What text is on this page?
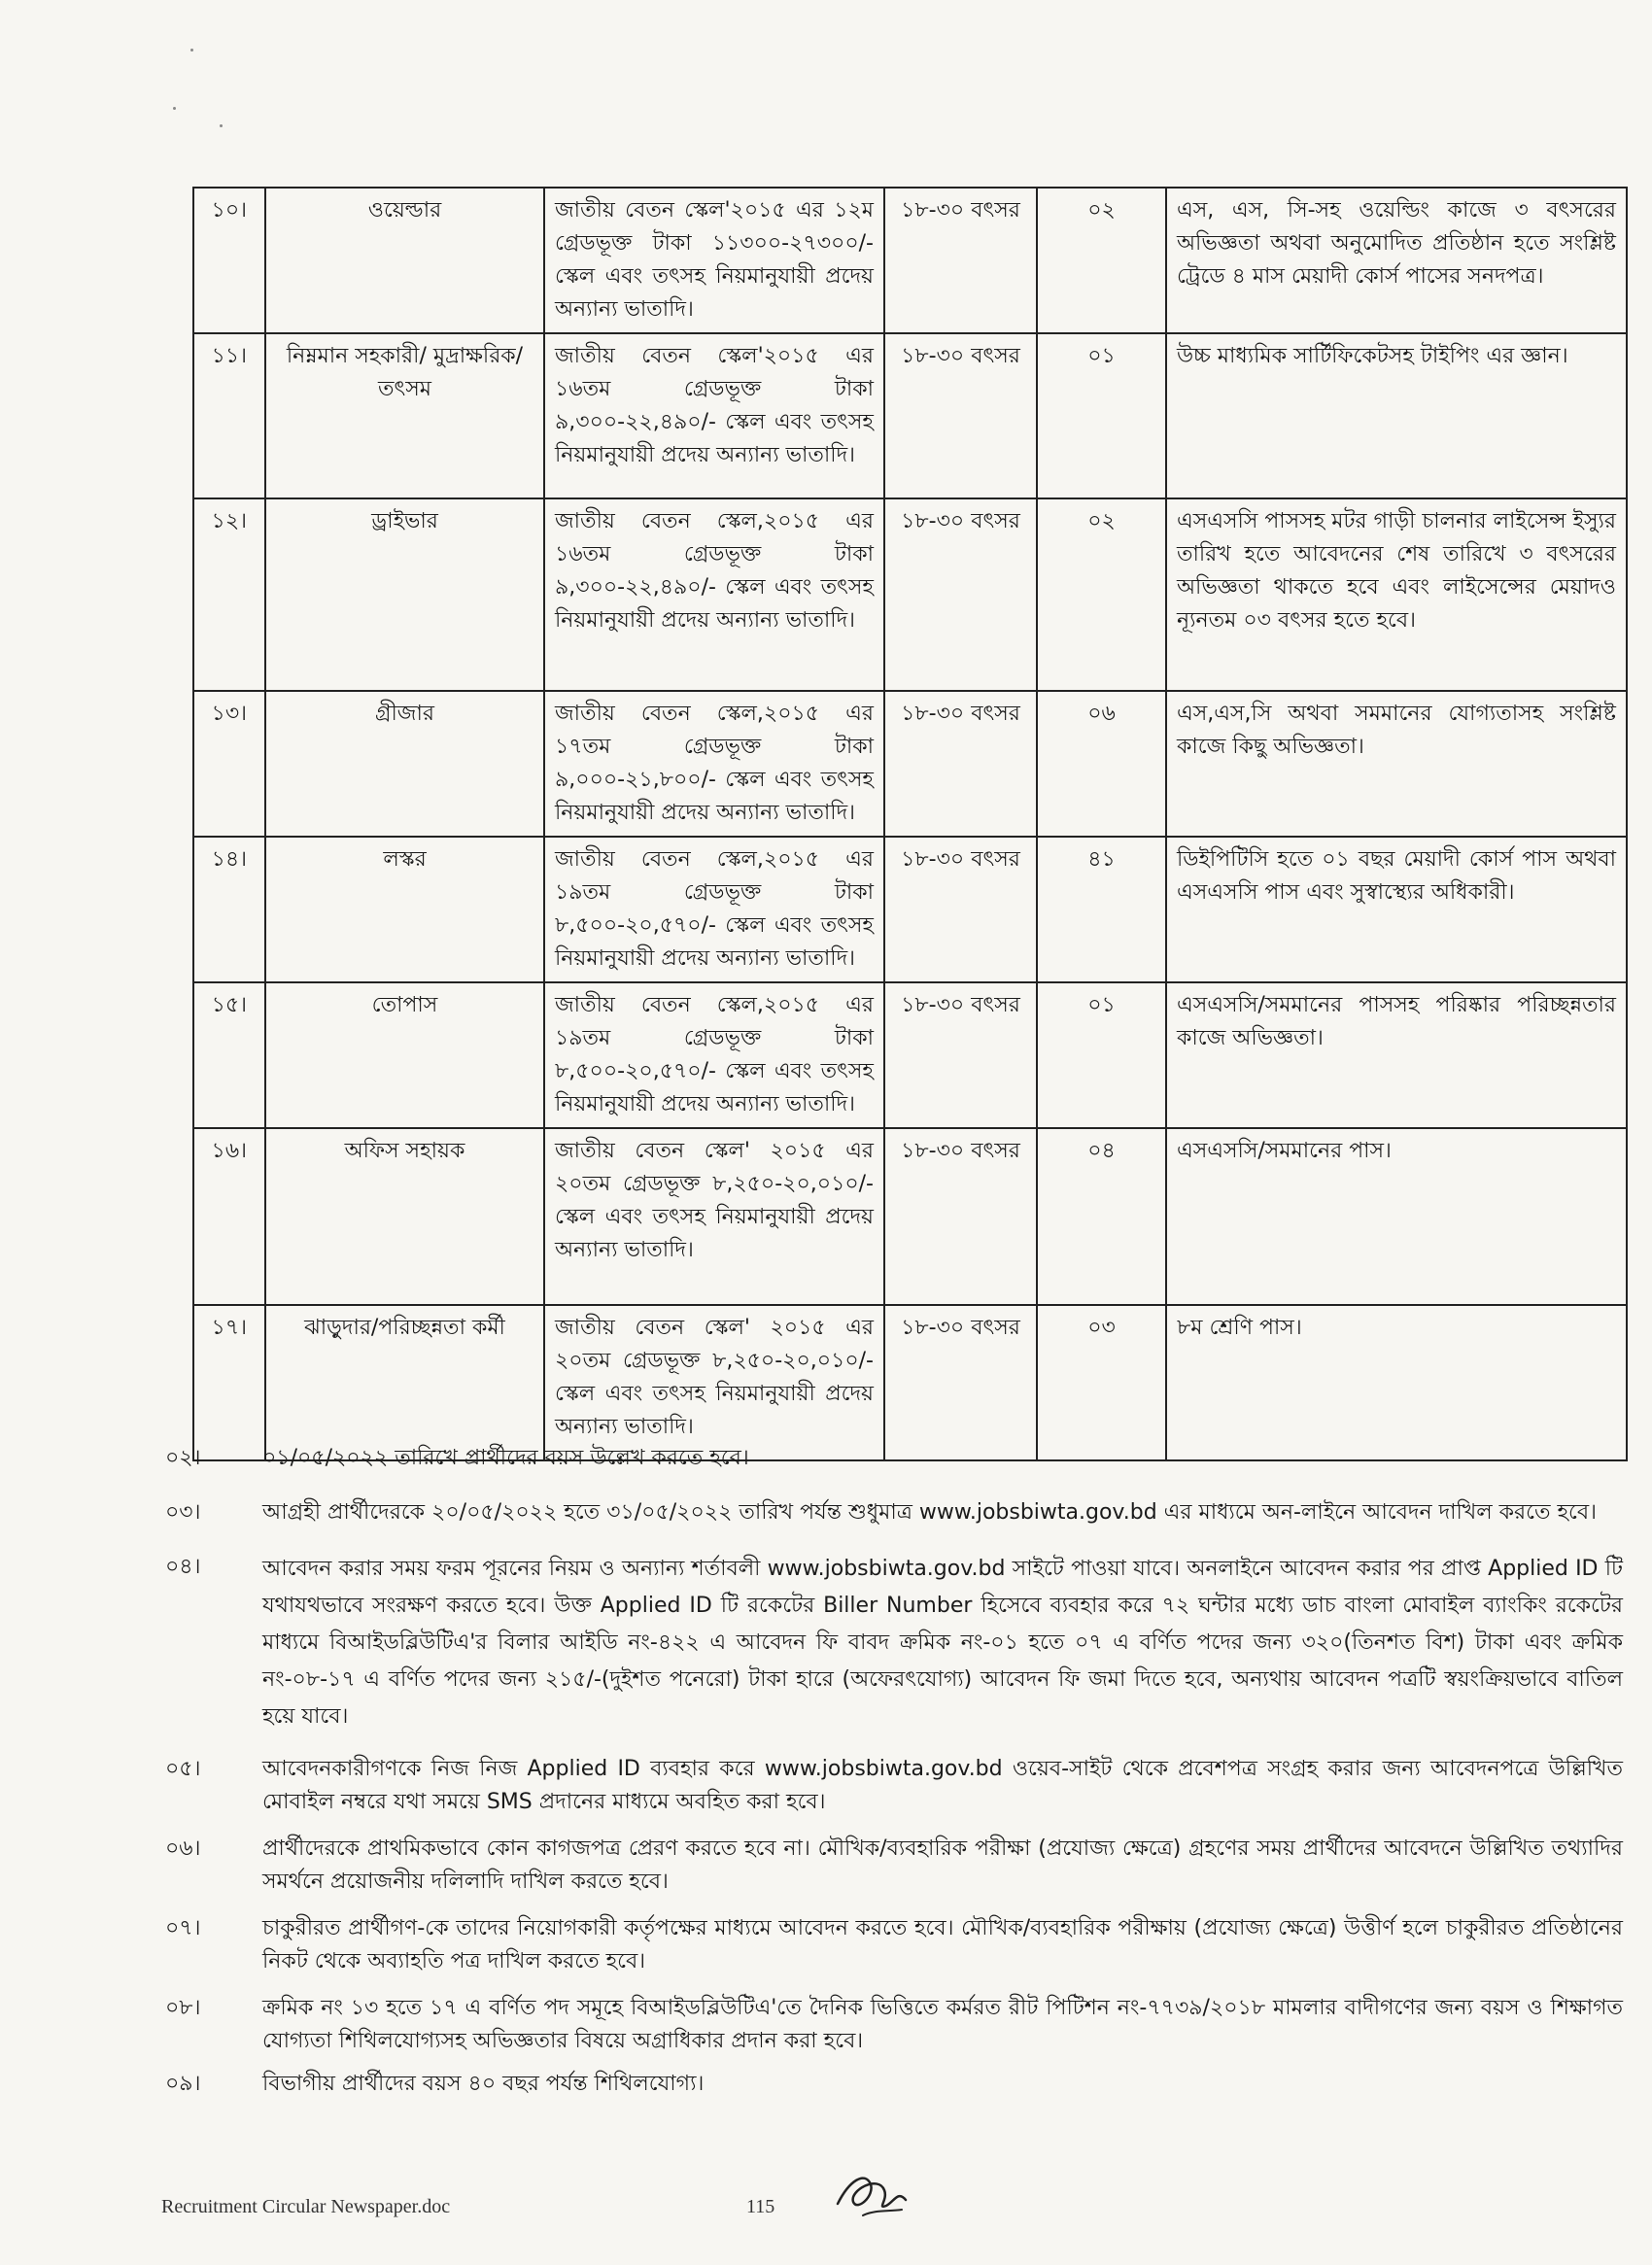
১০।	ওয়েল্ডার	জাতীয় বেতন স্কেল'২০১৫ এর ১২ম গ্রেডভূক্ত টাকা ১১৩০০-২৭৩০০/- স্কেল এবং তৎসহ নিয়মানুযায়ী প্রদেয় অন্যান্য ভাতাদি।	১৮-৩০ বৎসর	০২	এস, এস, সি-সহ ওয়েল্ডিং কাজে ৩ বৎসরের অভিজ্ঞতা অথবা অনুমোদিত প্রতিষ্ঠান হতে সংশ্লিষ্ট ট্রেডে ৪ মাস মেয়াদী কোর্স পাসের সনদপত্র।
১১।	নিম্নমান সহকারী/ মুদ্রাক্ষরিক/তৎসম	জাতীয় বেতন স্কেল'২০১৫ এর ১৬তম গ্রেডভূক্ত টাকা ৯,৩০০-২২,৪৯০/- স্কেল এবং তৎসহ নিয়মানুযায়ী প্রদেয় অন্যান্য ভাতাদি।	১৮-৩০ বৎসর	০১	উচ্চ মাধ্যমিক সার্টিফিকেটসহ টাইপিং এর জ্ঞান।
১২।	ড্রাইভার	জাতীয় বেতন স্কেল,২০১৫ এর ১৬তম গ্রেডভূক্ত টাকা ৯,৩০০-২২,৪৯০/- স্কেল এবং তৎসহ নিয়মানুযায়ী প্রদেয় অন্যান্য ভাতাদি।	১৮-৩০ বৎসর	০২	এসএসসি পাসসহ মটর গাড়ী চালনার লাইসেন্স ইস্যুর তারিখ হতে আবেদনের শেষ তারিখে ৩ বৎসরের অভিজ্ঞতা থাকতে হবে এবং লাইসেন্সের মেয়াদও ন্যূনতম ০৩ বৎসর হতে হবে।
১৩।	গ্রীজার	জাতীয় বেতন স্কেল,২০১৫ এর ১৭তম গ্রেডভূক্ত টাকা ৯,০০০-২১,৮০০/- স্কেল এবং তৎসহ নিয়মানুযায়ী প্রদেয় অন্যান্য ভাতাদি।	১৮-৩০ বৎসর	০৬	এস,এস,সি অথবা সমমানের যোগ্যতাসহ সংশ্লিষ্ট কাজে কিছু অভিজ্ঞতা।
১৪।	লস্কর	জাতীয় বেতন স্কেল,২০১৫ এর ১৯তম গ্রেডভূক্ত টাকা ৮,৫০০-২০,৫৭০/- স্কেল এবং তৎসহ নিয়মানুযায়ী প্রদেয় অন্যান্য ভাতাদি।	১৮-৩০ বৎসর	৪১	ডিইপিটিসি হতে ০১ বছর মেয়াদী কোর্স পাস অথবা এসএসসি পাস এবং সুস্বাস্থ্যের অধিকারী।
১৫।	তোপাস	জাতীয় বেতন স্কেল,২০১৫ এর ১৯তম গ্রেডভূক্ত টাকা ৮,৫০০-২০,৫৭০/- স্কেল এবং তৎসহ নিয়মানুযায়ী প্রদেয় অন্যান্য ভাতাদি।	১৮-৩০ বৎসর	০১	এসএসসি/সমমানের পাসসহ পরিষ্কার পরিচ্ছন্নতার কাজে অভিজ্ঞতা।
১৬।	অফিস সহায়ক	জাতীয় বেতন স্কেল' ২০১৫ এর ২০তম গ্রেডভূক্ত ৮,২৫০-২০,০১০/- স্কেল এবং তৎসহ নিয়মানুযায়ী প্রদেয় অন্যান্য ভাতাদি।	১৮-৩০ বৎসর	০৪	এসএসসি/সমমানের পাস।
১৭।	ঝাড়ুদার/পরিচ্ছন্নতা কর্মী	জাতীয় বেতন স্কেল' ২০১৫ এর ২০তম গ্রেডভূক্ত ৮,২৫০-২০,০১০/- স্কেল এবং তৎসহ নিয়মানুযায়ী প্রদেয় অন্যান্য ভাতাদি।	১৮-৩০ বৎসর	০৩	৮ম শ্রেণি পাস।
০২।	০১/০৫/২০২২ তারিখে প্রার্থীদের বয়স উল্লেখ করতে হবে।
০৩।	আগ্রহী প্রার্থীদেরকে ২০/০৫/২০২২ হতে ৩১/০৫/২০২২ তারিখ পর্যন্ত শুধুমাত্র www.jobsbiwta.gov.bd এর মাধ্যমে অন-লাইনে আবেদন দাখিল করতে হবে।
০৪।	আবেদন করার সময় ফরম পূরনের নিয়ম ও অন্যান্য শর্তাবলী www.jobsbiwta.gov.bd সাইটে পাওয়া যাবে। অনলাইনে আবেদন করার পর প্রাপ্ত Applied ID টি যথাযথভাবে সংরক্ষণ করতে হবে। উক্ত Applied ID টি রকেটের Biller Number হিসেবে ব্যবহার করে ৭২ ঘন্টার মধ্যে ডাচ বাংলা মোবাইল ব্যাংকিং রকেটের মাধ্যমে বিআইডব্লিউটিএ'র বিলার আইডি নং-৪২২ এ আবেদন ফি বাবদ ক্রমিক নং-০১ হতে ০৭ এ বর্ণিত পদের জন্য ৩২০(তিনশত বিশ) টাকা এবং ক্রমিক নং-০৮-১৭ এ বর্ণিত পদের জন্য ২১৫/-(দুইশত পনেরো) টাকা হারে (অফেরৎযোগ্য) আবেদন ফি জমা দিতে হবে, অন্যথায় আবেদন পত্রটি স্বয়ংক্রিয়ভাবে বাতিল হয়ে যাবে।
০৫।	আবেদনকারীগণকে নিজ নিজ Applied ID ব্যবহার করে www.jobsbiwta.gov.bd ওয়েব-সাইট থেকে প্রবেশপত্র সংগ্রহ করার জন্য আবেদনপত্রে উল্লিখিত মোবাইল নম্বরে যথা সময়ে SMS প্রদানের মাধ্যমে অবহিত করা হবে।
০৬।	প্রার্থীদেরকে প্রাথমিকভাবে কোন কাগজপত্র প্রেরণ করতে হবে না। মৌখিক/ব্যবহারিক পরীক্ষা (প্রযোজ্য ক্ষেত্রে) গ্রহণের সময় প্রার্থীদের আবেদনে উল্লিখিত তথ্যাদির সমর্থনে প্রয়োজনীয় দলিলাদি দাখিল করতে হবে।
০৭।	চাকুরীরত প্রার্থীগণ-কে তাদের নিয়োগকারী কর্তৃপক্ষের মাধ্যমে আবেদন করতে হবে। মৌখিক/ব্যবহারিক পরীক্ষায় (প্রযোজ্য ক্ষেত্রে) উত্তীর্ণ হলে চাকুরীরত প্রতিষ্ঠানের নিকট থেকে অব্যাহতি পত্র দাখিল করতে হবে।
০৮।	ক্রমিক নং ১৩ হতে ১৭ এ বর্ণিত পদ সমূহে বিআইডব্লিউটিএ'তে দৈনিক ভিত্তিতে কর্মরত রীট পিটিশন নং-৭৭৩৯/২০১৮ মামলার বাদীগণের জন্য বয়স ও শিক্ষাগত যোগ্যতা শিথিলযোগ্যসহ অভিজ্ঞতার বিষয়ে অগ্রাধিকার প্রদান করা হবে।
০৯।	বিভাগীয় প্রার্থীদের বয়স ৪০ বছর পর্যন্ত শিথিলযোগ্য।
Recruitment Circular Newspaper.doc	115
